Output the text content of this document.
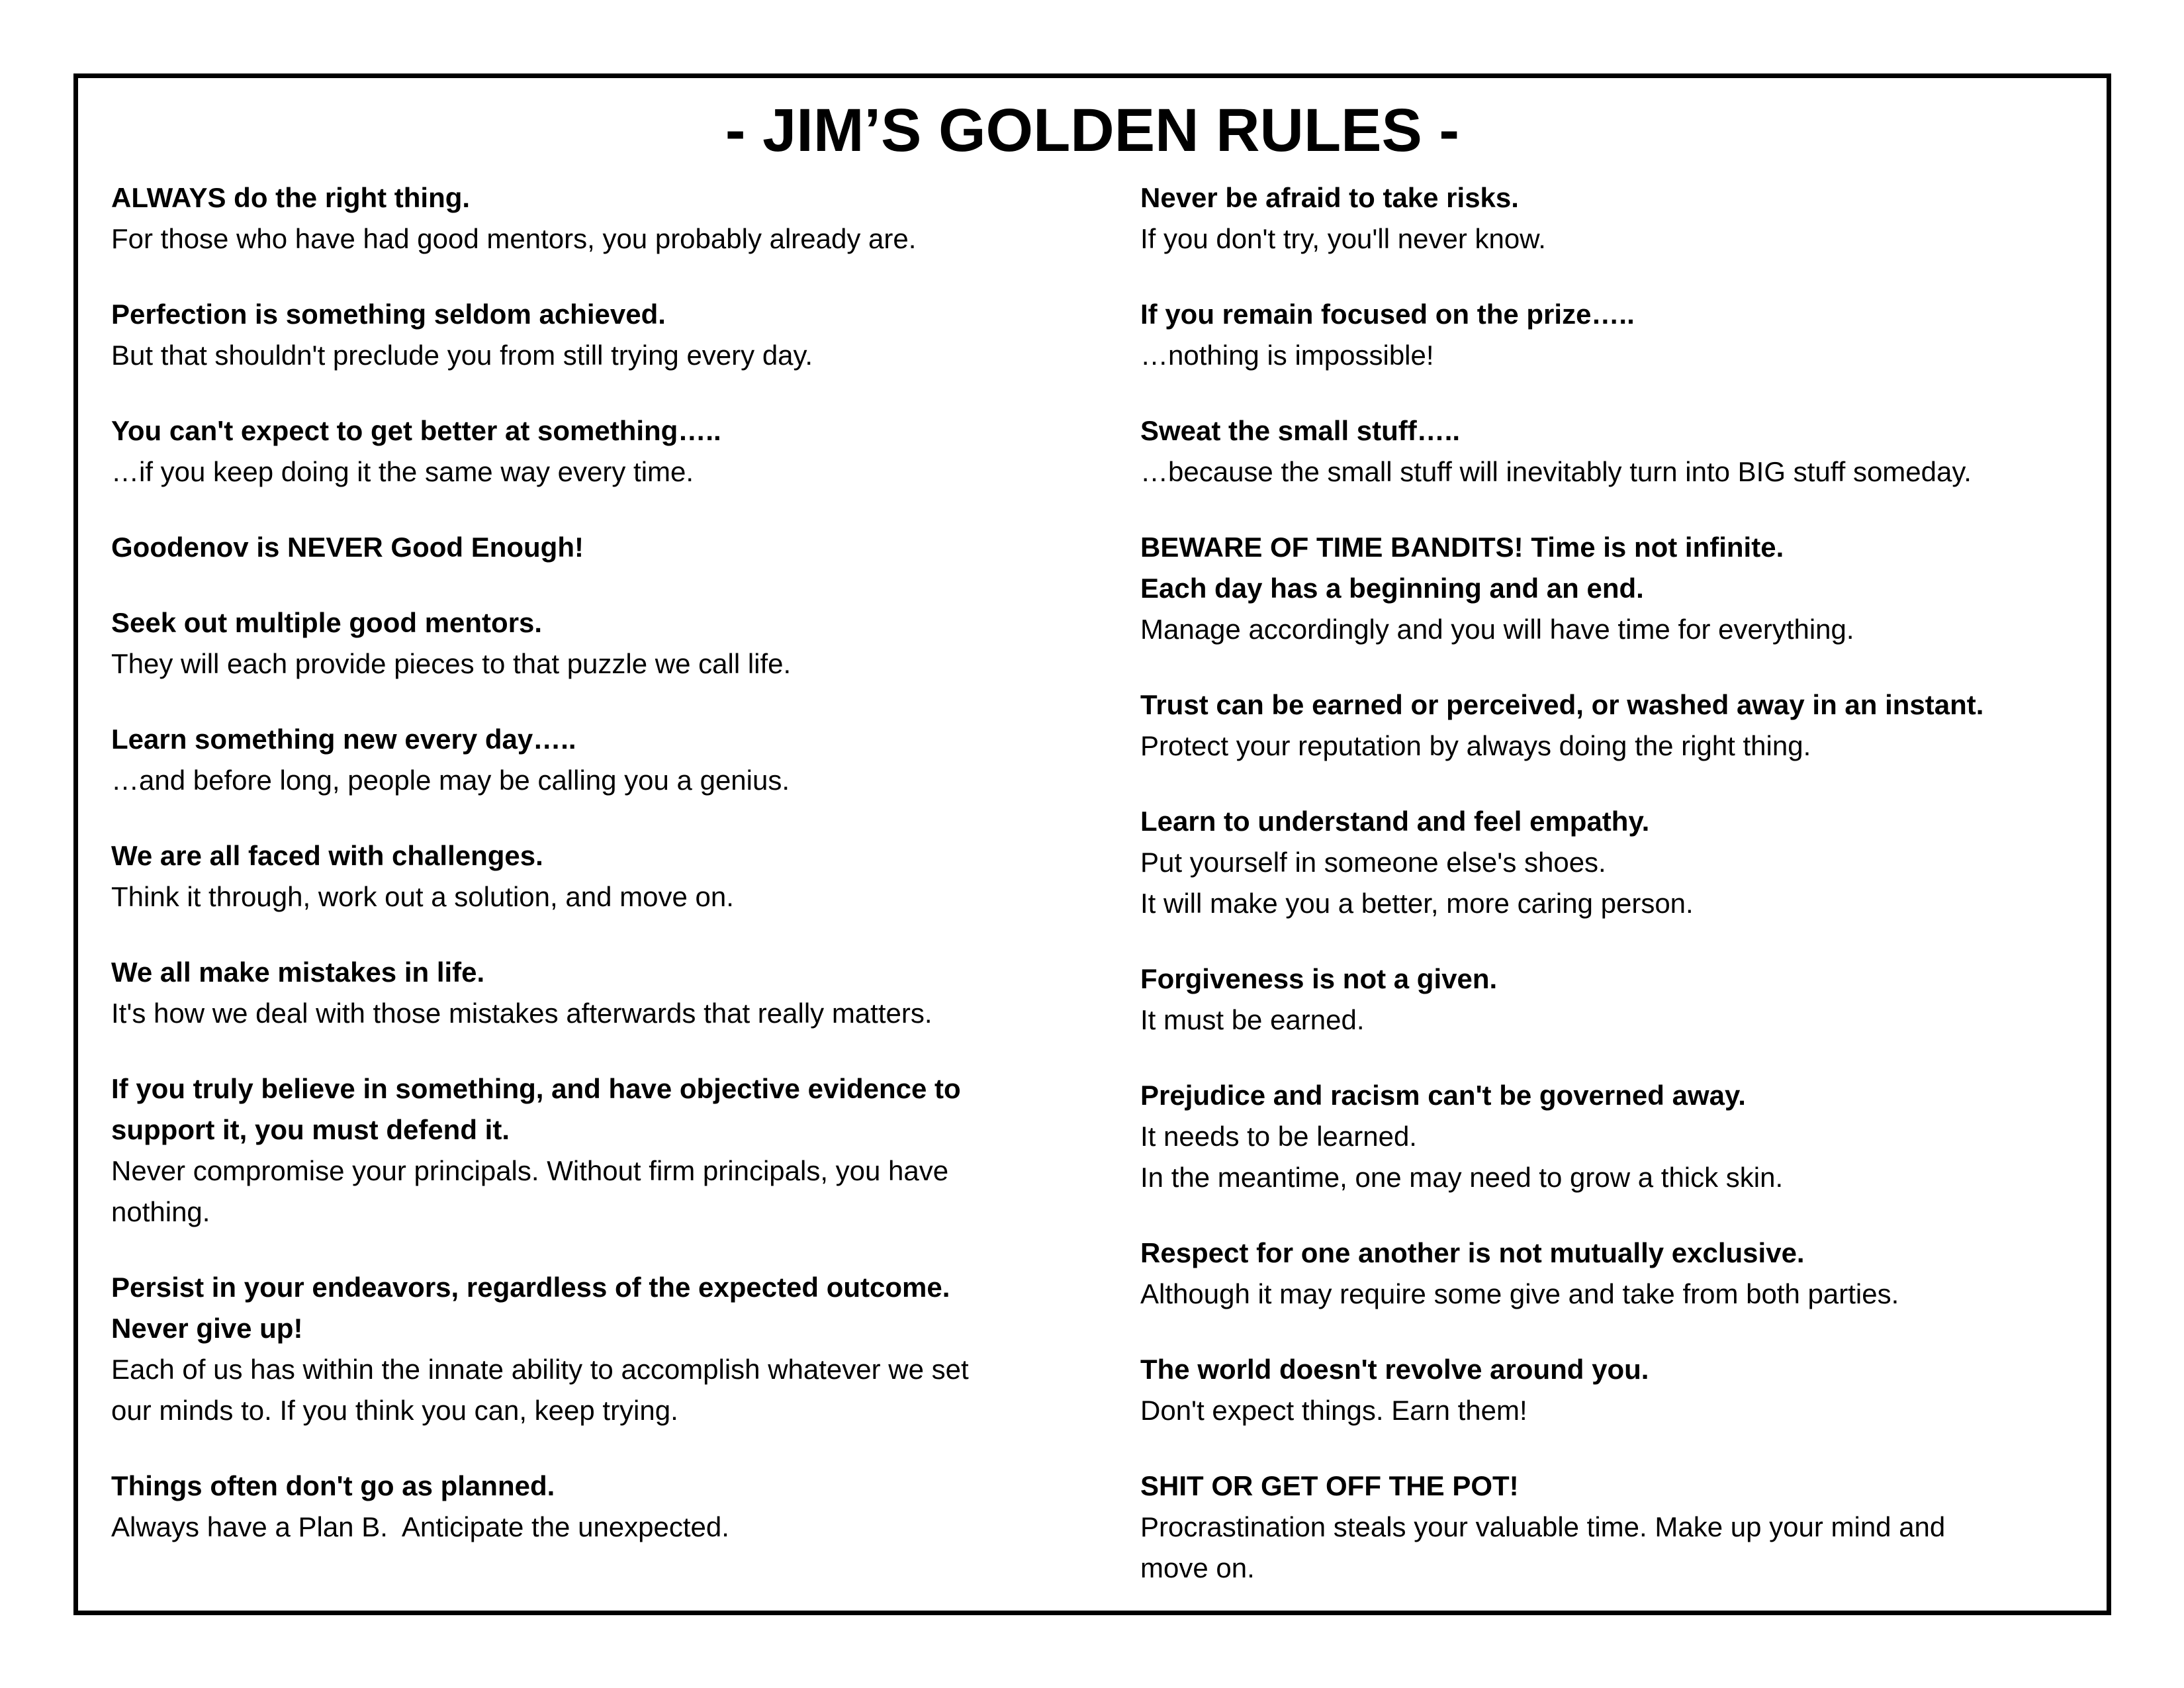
- JIM’S GOLDEN RULES -
ALWAYS do the right thing.
For those who have had good mentors, you probably already are.
Perfection is something seldom achieved.
But that shouldn't preclude you from still trying every day.
You can't expect to get better at something…..
…if you keep doing it the same way every time.
Goodenov is NEVER Good Enough!
Seek out multiple good mentors.
They will each provide pieces to that puzzle we call life.
Learn something new every day…..
…and before long, people may be calling you a genius.
We are all faced with challenges.
Think it through, work out a solution, and move on.
We all make mistakes in life.
It's how we deal with those mistakes afterwards that really matters.
If you truly believe in something, and have objective evidence to
support it, you must defend it.
Never compromise your principals. Without firm principals, you have
nothing.
Persist in your endeavors, regardless of the expected outcome.
Never give up!
Each of us has within the innate ability to accomplish whatever we set
our minds to. If you think you can, keep trying.
Things often don't go as planned.
Always have a Plan B.  Anticipate the unexpected.
Never be afraid to take risks.
If you don't try, you'll never know.
If you remain focused on the prize…..
…nothing is impossible!
Sweat the small stuff…..
…because the small stuff will inevitably turn into BIG stuff someday.
BEWARE OF TIME BANDITS! Time is not infinite.
Each day has a beginning and an end.
Manage accordingly and you will have time for everything.
Trust can be earned or perceived, or washed away in an instant.
Protect your reputation by always doing the right thing.
Learn to understand and feel empathy.
Put yourself in someone else's shoes.
It will make you a better, more caring person.
Forgiveness is not a given.
It must be earned.
Prejudice and racism can't be governed away.
It needs to be learned.
In the meantime, one may need to grow a thick skin.
Respect for one another is not mutually exclusive.
Although it may require some give and take from both parties.
The world doesn't revolve around you.
Don't expect things. Earn them!
SHIT OR GET OFF THE POT!
Procrastination steals your valuable time. Make up your mind and
move on.
